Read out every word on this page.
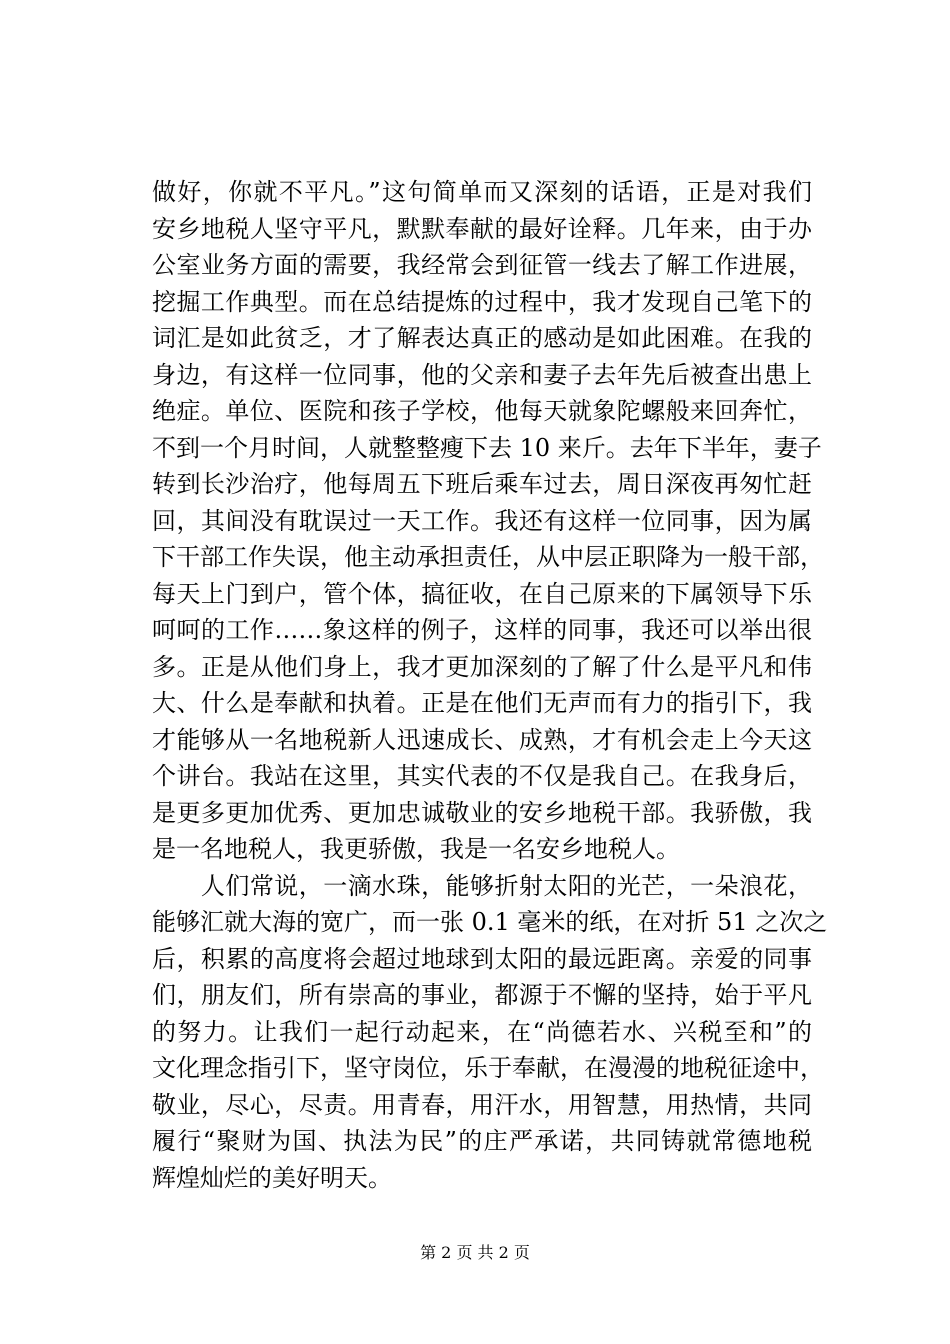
做好，你就不平凡。”这句简单而又深刻的话语，正是对我们
安乡地税人坚守平凡，默默奉献的最好诠释。几年来，由于办
公室业务方面的需要，我经常会到征管一线去了解工作进展，
挖掘工作典型。而在总结提炼的过程中，我才发现自己笔下的
词汇是如此贫乏，才了解表达真正的感动是如此困难。在我的
身边，有这样一位同事，他的父亲和妻子去年先后被查出患上
绝症。单位、医院和孩子学校，他每天就象陀螺般来回奔忙，
不到一个月时间，人就整整瘦下去 10 来斤。去年下半年，妻子
转到长沙治疗，他每周五下班后乘车过去，周日深夜再匆忙赶
回，其间没有耽误过一天工作。我还有这样一位同事，因为属
下干部工作失误，他主动承担责任，从中层正职降为一般干部，
每天上门到户，管个体，搞征收，在自己原来的下属领导下乐
呵呵的工作……象这样的例子，这样的同事，我还可以举出很
多。正是从他们身上，我才更加深刻的了解了什么是平凡和伟
大、什么是奉献和执着。正是在他们无声而有力的指引下，我
才能够从一名地税新人迅速成长、成熟，才有机会走上今天这
个讲台。我站在这里，其实代表的不仅是我自己。在我身后，
是更多更加优秀、更加忠诚敬业的安乡地税干部。我骄傲，我
是一名地税人，我更骄傲，我是一名安乡地税人。
　　人们常说，一滴水珠，能够折射太阳的光芒，一朵浪花，
能够汇就大海的宽广，而一张 0.1 毫米的纸，在对折 51 之次之
后，积累的高度将会超过地球到太阳的最远距离。亲爱的同事
们，朋友们，所有崇高的事业，都源于不懈的坚持，始于平凡
的努力。让我们一起行动起来，在“尚德若水、兴税至和”的
文化理念指引下，坚守岗位，乐于奉献，在漫漫的地税征途中，
敬业，尽心，尽责。用青春，用汗水，用智慧，用热情，共同
履行“聚财为国、执法为民”的庄严承诺，共同铸就常德地税
辉煌灿烂的美好明天。
第 2 页 共 2 页
